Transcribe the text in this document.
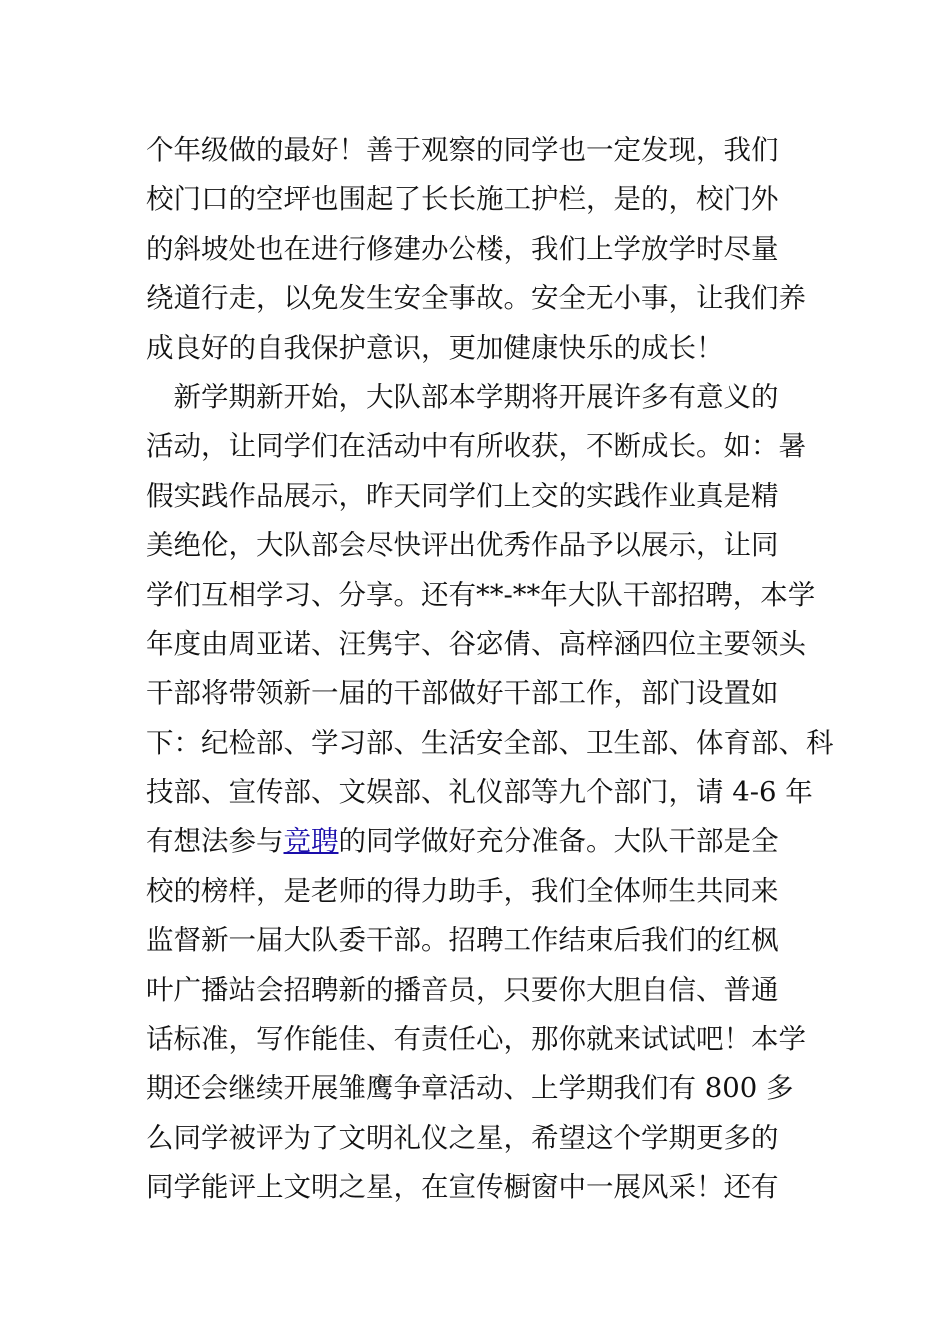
个年级做的最好！善于观察的同学也一定发现，我们
校门口的空坪也围起了长长施工护栏，是的，校门外
的斜坡处也在进行修建办公楼，我们上学放学时尽量
绕道行走，以免发生安全事故。安全无小事，让我们养
成良好的自我保护意识，更加健康快乐的成长！
　新学期新开始，大队部本学期将开展许多有意义的
活动，让同学们在活动中有所收获，不断成长。如：暑
假实践作品展示，昨天同学们上交的实践作业真是精
美绝伦，大队部会尽快评出优秀作品予以展示，让同
学们互相学习、分享。还有**-**年大队干部招聘，本学
年度由周亚诺、汪隽宇、谷宓倩、高梓涵四位主要领头
干部将带领新一届的干部做好干部工作，部门设置如
下：纪检部、学习部、生活安全部、卫生部、体育部、科
技部、宣传部、文娱部、礼仪部等九个部门，请 4-6 年
有想法参与竞聘的同学做好充分准备。大队干部是全
校的榜样，是老师的得力助手，我们全体师生共同来
监督新一届大队委干部。招聘工作结束后我们的红枫
叶广播站会招聘新的播音员，只要你大胆自信、普通
话标准，写作能佳、有责任心，那你就来试试吧！本学
期还会继续开展雏鹰争章活动、上学期我们有 800 多
么同学被评为了文明礼仪之星，希望这个学期更多的
同学能评上文明之星，在宣传橱窗中一展风采！还有
